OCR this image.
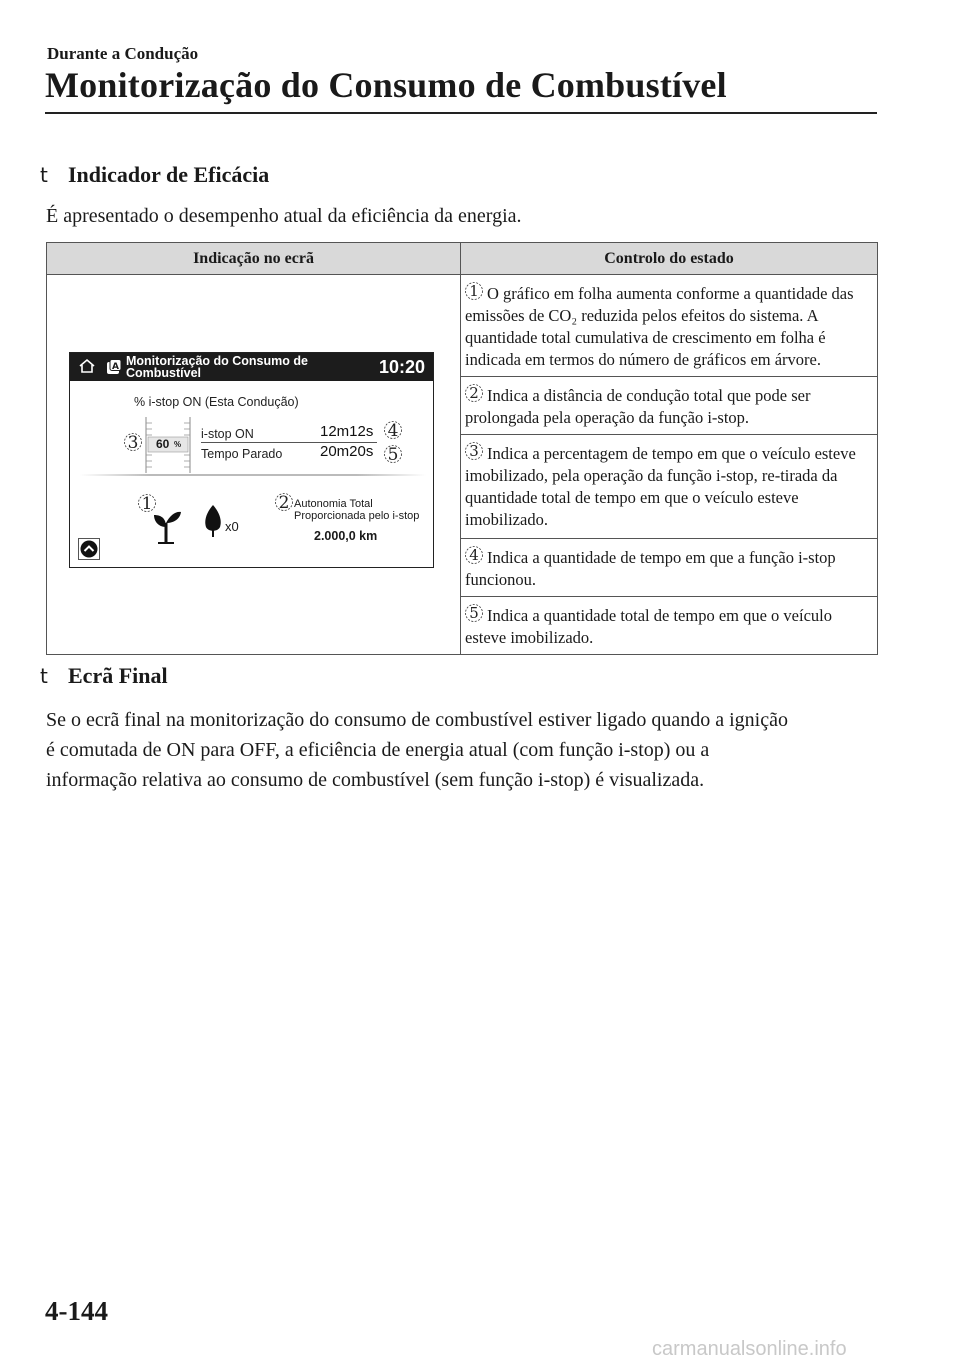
Durante a Condução
Monitorização do Consumo de Combustível
t Indicador de Eficácia
É apresentado o desempenho atual da eficiência da energia.
Indicação no ecrã	Controlo do estado

1 O gráfico em folha aumenta conforme a quantidade das emissões de CO₂ reduzida pelos efeitos do sistema. A quantidade total cumulativa de crescimento em folha é indicada em termos do número de gráficos em árvore.

2 Indica a distância de condução total que pode ser prolongada pela operação da função i-stop.

3 Indica a percentagem de tempo em que o veículo esteve imobilizado, pela operação da função i-stop, re-tirada da quantidade total de tempo em que o veículo esteve imobilizado.

4 Indica a quantidade de tempo em que a função i-stop funcionou.

5 Indica a quantidade total de tempo em que o veículo esteve imobilizado.
A Monitorização do Consumo de Combustível	10:20
% i-stop ON (Esta Condução)
60 %
i-stop ON	12m12s
Tempo Parado	20m20s
x0
Autonomia Total
Proporcionada pelo i-stop
2.000,0 km
1	2
3
4
5
t Ecrã Final
Se o ecrã final na monitorização do consumo de combustível estiver ligado quando a ignição
é comutada de ON para OFF, a eficiência de energia atual (com função i-stop) ou a
informação relativa ao consumo de combustível (sem função i-stop) é visualizada.
4-144
carmanualsonline.info
